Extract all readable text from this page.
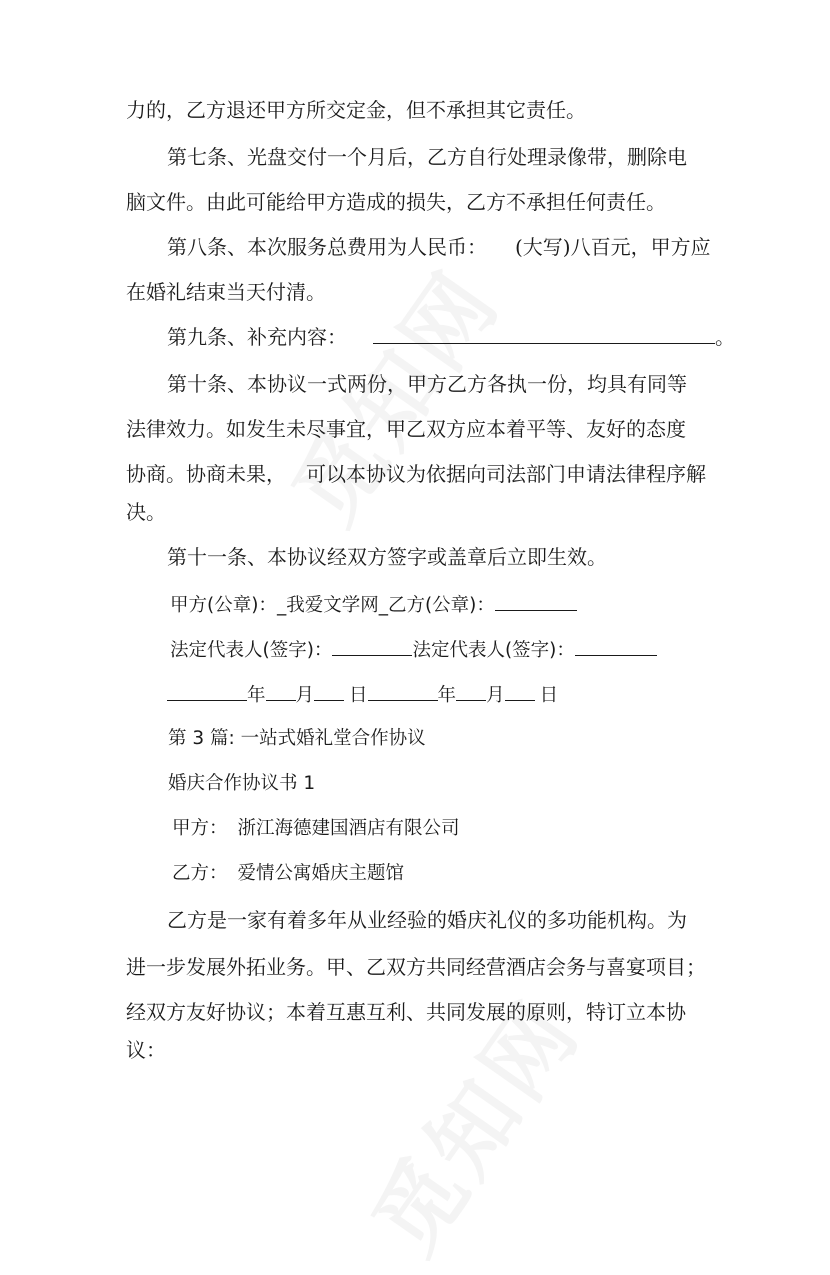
力的，乙方退还甲方所交定金，但不承担其它责任。
第七条、光盘交付一个月后，乙方自行处理录像带，删除电
脑文件。由此可能给甲方造成的损失，乙方不承担任何责任。
第八条、本次服务总费用为人民币： (大写)八百元，甲方应
在婚礼结束当天付清。
第九条、补充内容：	。
第十条、本协议一式两份，甲方乙方各执一份，均具有同等
法律效力。如发生未尽事宜，甲乙双方应本着平等、友好的态度
协商。协商未果， 可以本协议为依据向司法部门申请法律程序解
决。
第十一条、本协议经双方签字或盖章后立即生效。
甲方(公章)：_我爱文学网_乙方(公章)：
法定代表人(签字)：	法定代表人(签字)：
年 月 日	年 月 日
第 3 篇: 一站式婚礼堂合作协议
婚庆合作协议书 1
甲方： 浙江海德建国酒店有限公司
乙方： 爱情公寓婚庆主题馆
乙方是一家有着多年从业经验的婚庆礼仪的多功能机构。为
进一步发展外拓业务。甲、乙双方共同经营酒店会务与喜宴项目；
经双方友好协议；本着互惠互利、共同发展的原则，特订立本协
议：
